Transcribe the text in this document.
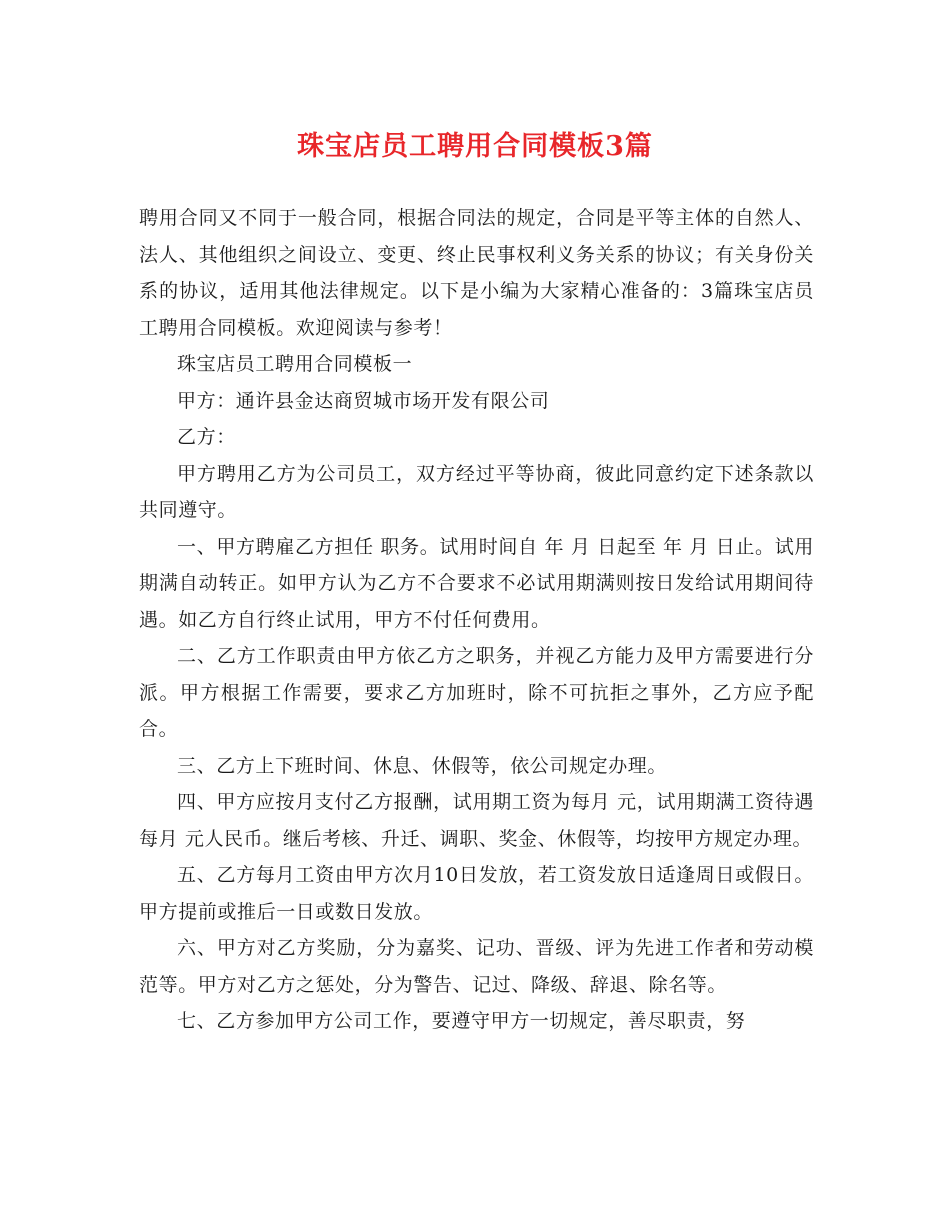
珠宝店员工聘用合同模板3篇

聘用合同又不同于一般合同，根据合同法的规定，合同是平等主体的自然人、法人、其他组织之间设立、变更、终止民事权利义务关系的协议；有关身份关系的协议，适用其他法律规定。以下是小编为大家精心准备的：3篇珠宝店员工聘用合同模板。欢迎阅读与参考！

珠宝店员工聘用合同模板一

甲方：通许县金达商贸城市场开发有限公司

乙方：

甲方聘用乙方为公司员工，双方经过平等协商，彼此同意约定下述条款以共同遵守。

一、甲方聘雇乙方担任 职务。试用时间自 年 月 日起至 年 月 日止。试用期满自动转正。如甲方认为乙方不合要求不必试用期满则按日发给试用期间待遇。如乙方自行终止试用，甲方不付任何费用。

二、乙方工作职责由甲方依乙方之职务，并视乙方能力及甲方需要进行分派。甲方根据工作需要，要求乙方加班时，除不可抗拒之事外，乙方应予配合。

三、乙方上下班时间、休息、休假等，依公司规定办理。

四、甲方应按月支付乙方报酬，试用期工资为每月 元，试用期满工资待遇每月 元人民币。继后考核、升迁、调职、奖金、休假等，均按甲方规定办理。

五、乙方每月工资由甲方次月10日发放，若工资发放日适逢周日或假日。甲方提前或推后一日或数日发放。

六、甲方对乙方奖励，分为嘉奖、记功、晋级、评为先进工作者和劳动模范等。甲方对乙方之惩处，分为警告、记过、降级、辞退、除名等。

七、乙方参加甲方公司工作，要遵守甲方一切规定，善尽职责，努
